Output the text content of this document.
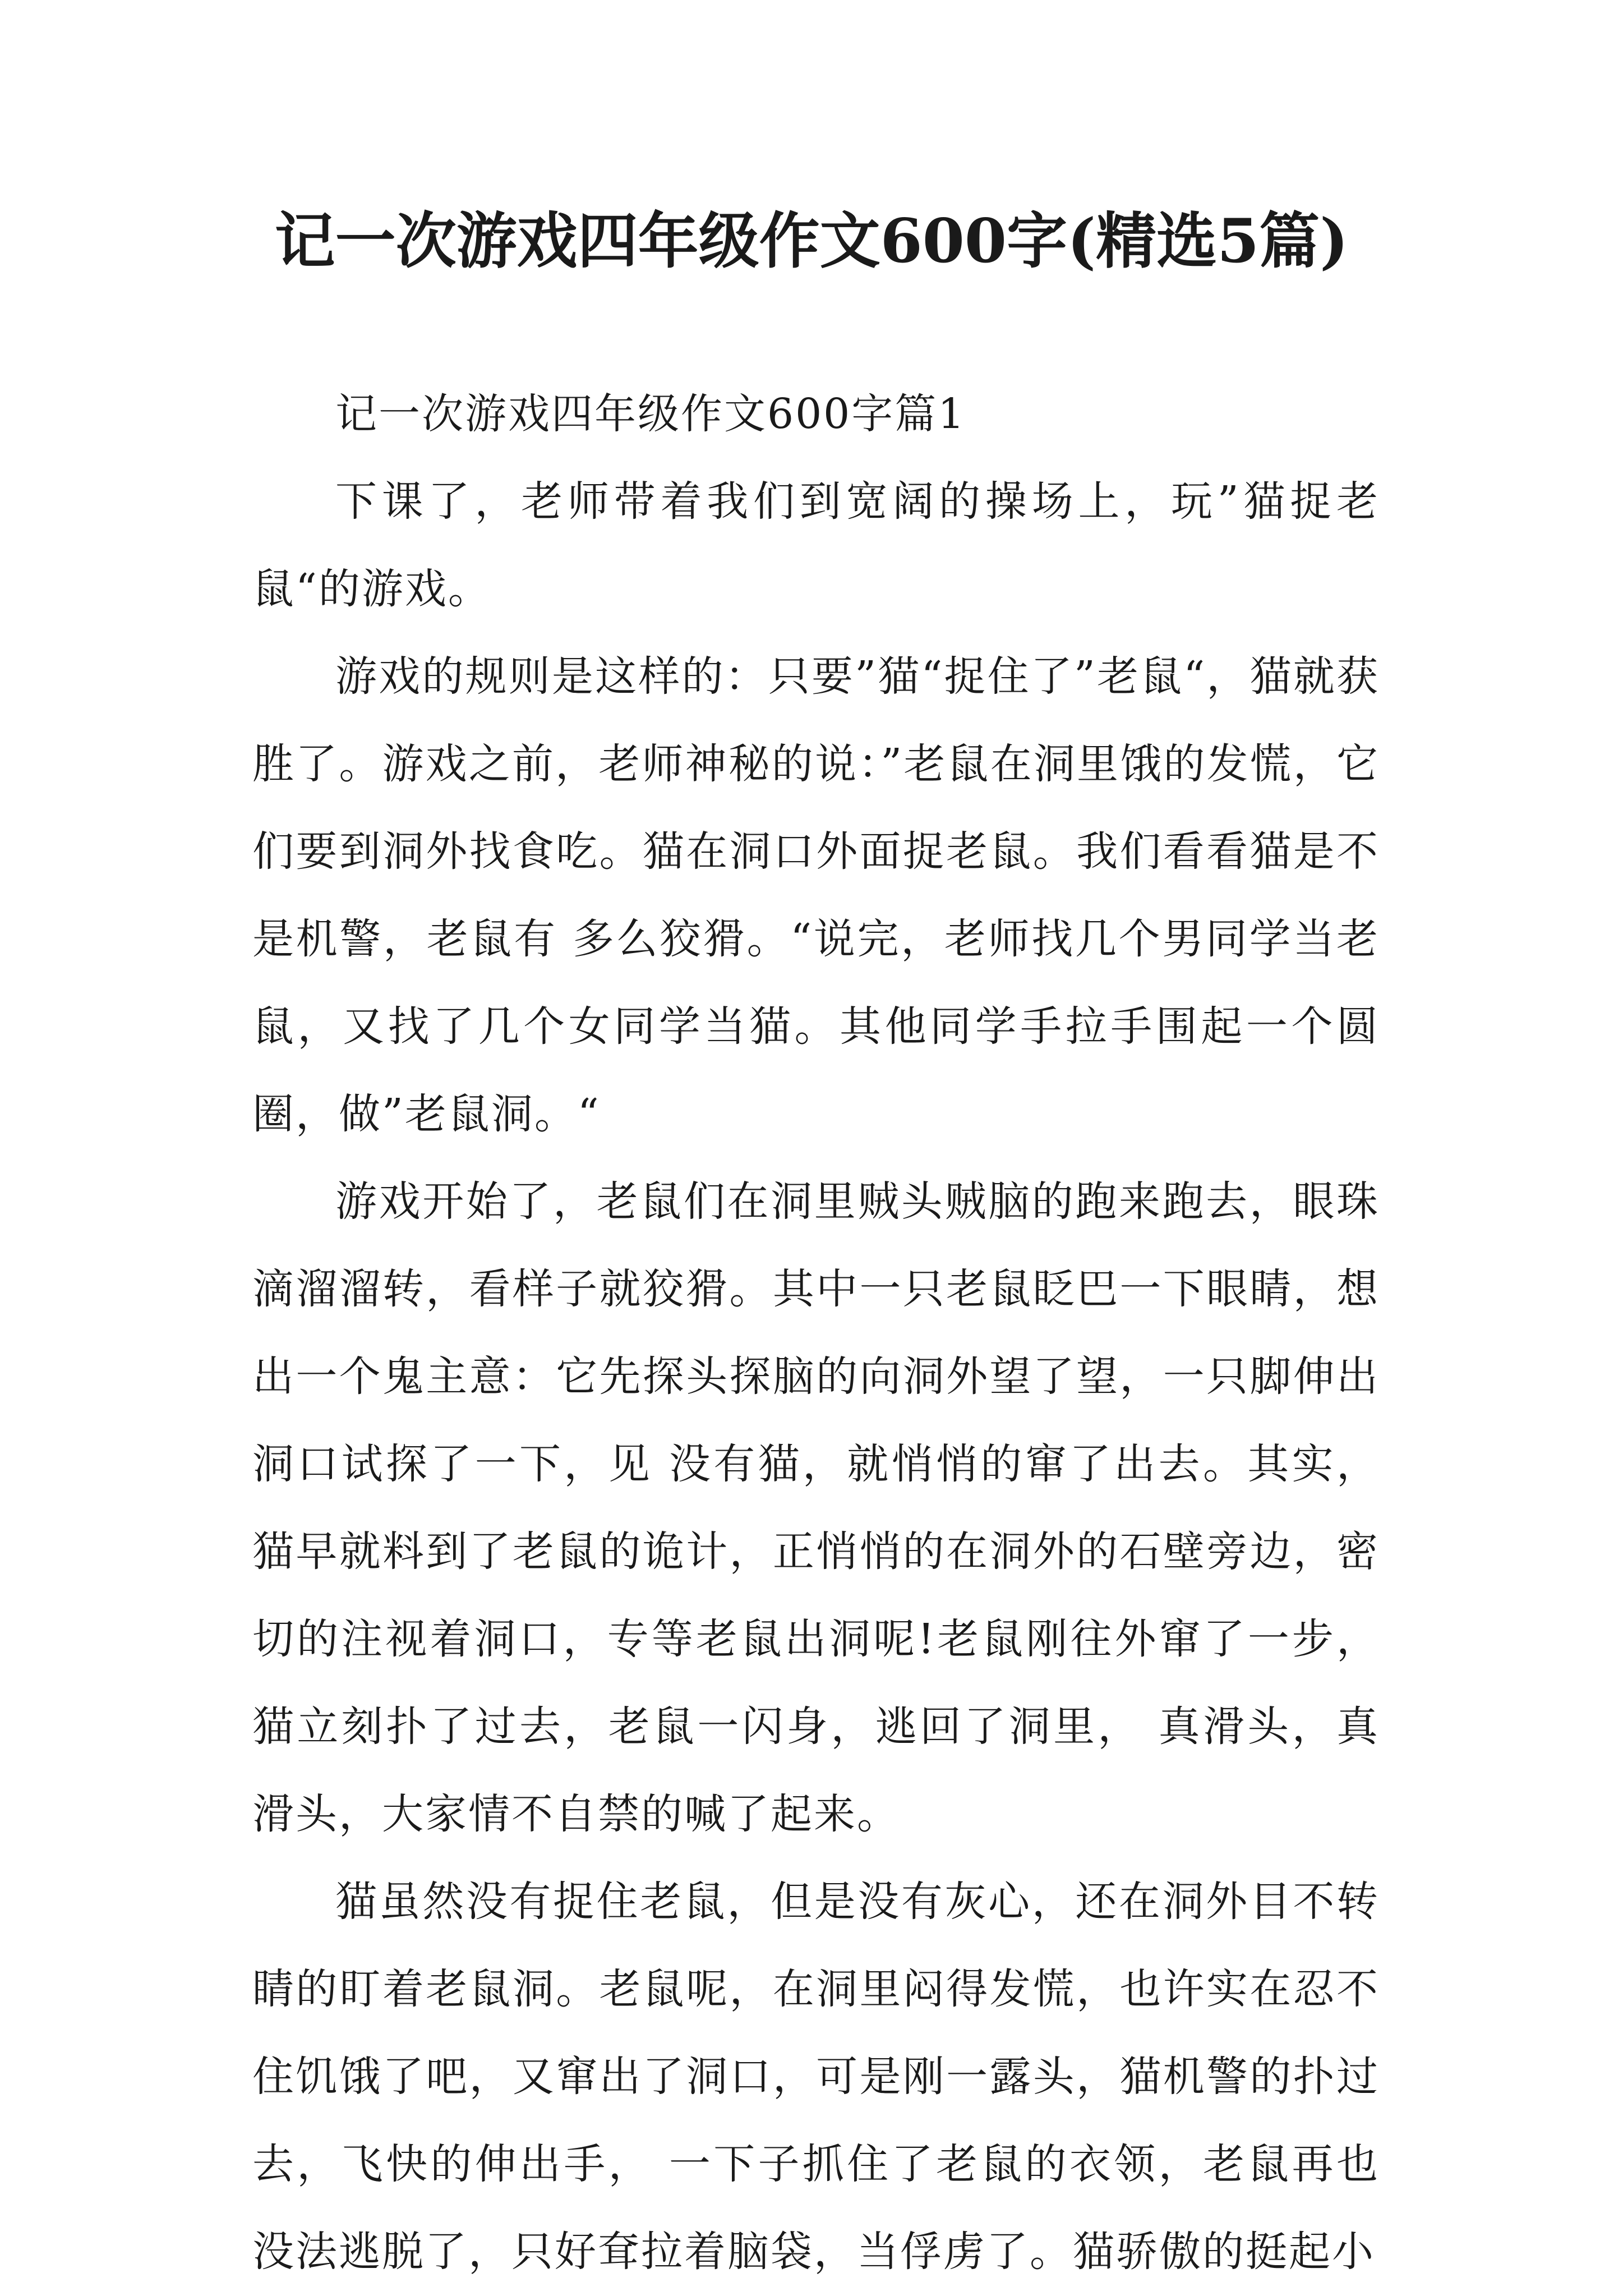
记一次游戏四年级作文600字(精选5篇)

记一次游戏四年级作文600字篇1

下课了，老师带着我们到宽阔的操场上，玩”猫捉老鼠“的游戏。

游戏的规则是这样的：只要”猫“捉住了”老鼠“，猫就获胜了。游戏之前，老师神秘的说：”老鼠在洞里饿的发慌，它们要到洞外找食吃。猫在洞口外面捉老鼠。我们看看猫是不是机警，老鼠有 多么狡猾。“说完，老师找几个男同学当老鼠，又找了几个女同学当猫。其他同学手拉手围起一个圆圈，做”老鼠洞。“

游戏开始了，老鼠们在洞里贼头贼脑的跑来跑去，眼珠滴溜溜转，看样子就狡猾。其中一只老鼠眨巴一下眼睛，想出一个鬼主意：它先探头探脑的向洞外望了望，一只脚伸出洞口试探了一下，见 没有猫，就悄悄的窜了出去。其实，猫早就料到了老鼠的诡计，正悄悄的在洞外的石壁旁边，密切的注视着洞口，专等老鼠出洞呢!老鼠刚往外窜了一步，猫立刻扑了过去，老鼠一闪身，逃回了洞里， 真滑头，真滑头，大家情不自禁的喊了起来。

猫虽然没有捉住老鼠，但是没有灰心，还在洞外目不转睛的盯着老鼠洞。老鼠呢，在洞里闷得发慌，也许实在忍不住饥饿了吧，又窜出了洞口，可是刚一露头，猫机警的扑过去，飞快的伸出手， 一下子抓住了老鼠的衣领，老鼠再也没法逃脱了，只好耷拉着脑袋，当俘虏了。猫骄傲的挺起小
